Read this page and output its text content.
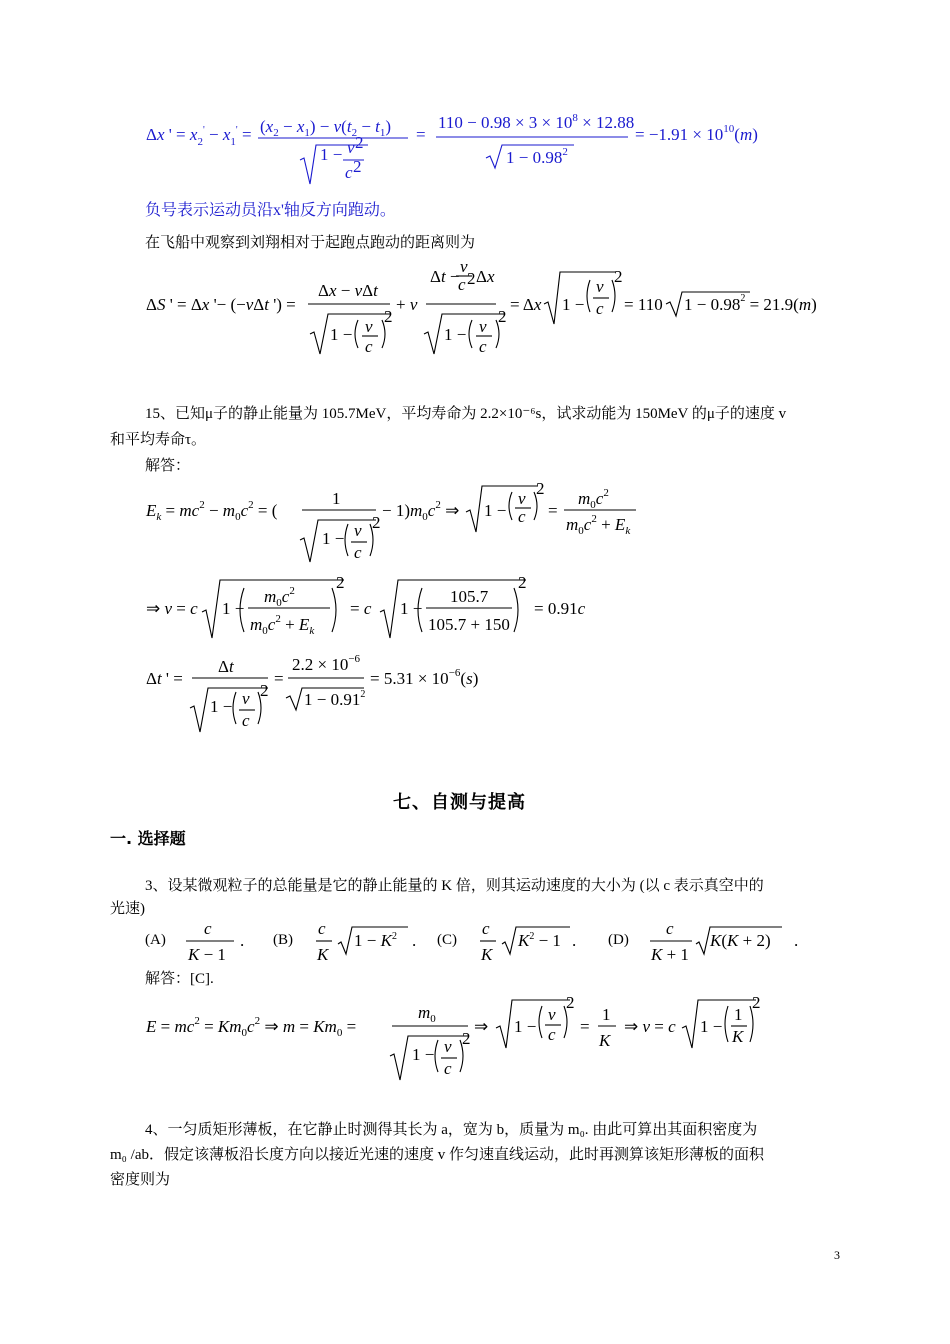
Δx ' = $x_2' - x_1' = (x_2 - x_1) - v(t_2 - t_1)$
1 − v 2
c 2
=
$110 - 0.98 \times 3 \times 10^8 \times 12.88$
$1 - 0.98^2$
= $-1.91 \times 10^{10}(m)$
负号表示运动员沿x'轴反方向跑动。
在飞船中观察到刘翔相对于起跑点跑动的距离则为
ΔS ' = Δx '− (−vΔt ') =
Δx − vΔt
1 − v
c
2
+ v
Δt −
v
c 2 Δx
1 − v
c
2
= Δx 1 −
v
c
2
= 110 $1 - 0.98^2 = 21.9(m)$
15、已知μ子的静止能量为 105.7MeV，平均寿命为 2.2×10⁻⁶s，试求动能为 150MeV 的μ子的速度 v
和平均寿命τ。
解答：
$E_k = mc^2 - m_0c^2$ = (
1
1 − v
c
2
− $1)m_0c^2$ ⇒ 1 −
v
c
2
=
$m_0c^2$
$m_0c^2 + E_k$
⇒ v = c 1 −
$m_0c^2$
$m_0c^2 + E_k$
2
= c 1 −
105.7
105.7 + 150
2
= 0.91c
Δt ' =
Δt
1 − v
c
2
=
$2.2 \times 10^{-6}$
$1 - 0.91^2$
= $5.31 \times 10^{-6}(s)$
七、自测与提高
一. 选择题
3、设某微观粒子的总能量是它的静止能量的 K 倍，则其运动速度的大小为 (以 c 表示真空中的
光速)
(A)
c
K − 1
. (B)
c
K
$1 - K^2$ . (C)
c
K
$K^2 - 1$ . (D)
c
K + 1
K(K + 2) .
解答：[C].
$E = mc^2 = Km_0c^2$ ⇒ $m = Km_0$ =
$m_0$
1 − v
c
2
⇒ 1 −
v
c
2
=
1
K
⇒ v = c 1 −
1
K
2
4、一匀质矩形薄板，在它静止时测得其长为 a，宽为 b，质量为 m₀. 由此可算出其面积密度为
m₀ /ab．假定该薄板沿长度方向以接近光速的速度 v 作匀速直线运动，此时再测算该矩形薄板的面积
密度则为
3
